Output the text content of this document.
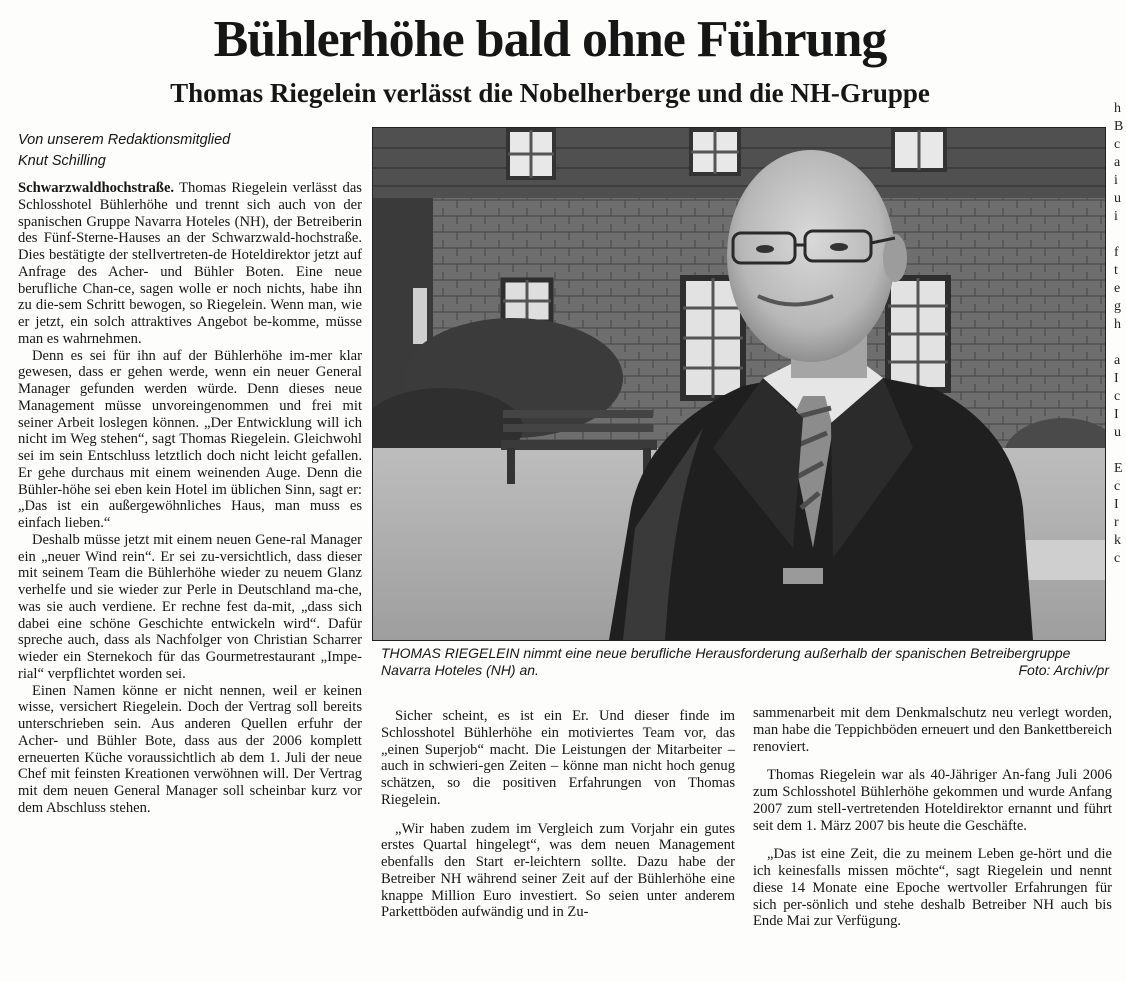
Bühlerhöhe bald ohne Führung
Thomas Riegelein verlässt die Nobelherberge und die NH-Gruppe
Von unserem Redaktionsmitglied
Knut Schilling

Schwarzwaldhochstraße. Thomas Riegelein verlässt das Schlosshotel Bühlerhöhe und trennt sich auch von der spanischen Gruppe Navarra Hoteles (NH), der Betreiberin des Fünf-Sterne-Hauses an der Schwarzwald-hochstraße. Dies bestätigte der stellvertreten-de Hoteldirektor jetzt auf Anfrage des Acher- und Bühler Boten. Eine neue berufliche Chan-ce, sagen wolle er noch nichts, habe ihn zu die-sem Schritt bewogen, so Riegelein. Wenn man, wie er jetzt, ein solch attraktives Angebot be-komme, müsse man es wahrnehmen.

Denn es sei für ihn auf der Bühlerhöhe im-mer klar gewesen, dass er gehen werde, wenn ein neuer General Manager gefunden werden würde. Denn dieses neue Management müsse unvoreingenommen und frei mit seiner Arbeit loslegen können. „Der Entwicklung will ich nicht im Weg stehen“, sagt Thomas Riegelein. Gleichwohl sei im sein Entschluss letztlich doch nicht leicht gefallen. Er gehe durchaus mit einem weinenden Auge. Denn die Bühler-höhe sei eben kein Hotel im üblichen Sinn, sagt er: „Das ist ein außergewöhnliches Haus, man muss es einfach lieben.“

Deshalb müsse jetzt mit einem neuen Gene-ral Manager ein „neuer Wind rein“. Er sei zu-versichtlich, dass dieser mit seinem Team die Bühlerhöhe wieder zu neuem Glanz verhelfe und sie wieder zur Perle in Deutschland ma-che, was sie auch verdiene. Er rechne fest da-mit, „dass sich dabei eine schöne Geschichte entwickeln wird“. Dafür spreche auch, dass als Nachfolger von Christian Scharrer wieder ein Sternekoch für das Gourmetrestaurant „Impe-rial“ verpflichtet worden sei.

Einen Namen könne er nicht nennen, weil er keinen wisse, versichert Riegelein. Doch der Vertrag soll bereits unterschrieben sein. Aus anderen Quellen erfuhr der Acher- und Bühler Bote, dass aus der 2006 komplett erneuerten Küche voraussichtlich ab dem 1. Juli der neue Chef mit feinsten Kreationen verwöhnen will. Der Vertrag mit dem neuen General Manager soll scheinbar kurz vor dem Abschluss stehen.

THOMAS RIEGELEIN nimmt eine neue berufliche Herausforderung außerhalb der spanischen Betreibergruppe Navarra Hoteles (NH) an.	Foto: Archiv/pr

Sicher scheint, es ist ein Er. Und dieser finde im Schlosshotel Bühlerhöhe ein motiviertes Team vor, das „einen Superjob“ macht. Die Leistungen der Mitarbeiter – auch in schwieri-gen Zeiten – könne man nicht hoch genug schätzen, so die positiven Erfahrungen von Thomas Riegelein.

„Wir haben zudem im Vergleich zum Vorjahr ein gutes erstes Quartal hingelegt“, was dem neuen Management ebenfalls den Start er-leichtern sollte. Dazu habe der Betreiber NH während seiner Zeit auf der Bühlerhöhe eine knappe Million Euro investiert. So seien unter anderem Parkettböden aufwändig und in Zu-

sammenarbeit mit dem Denkmalschutz neu verlegt worden, man habe die Teppichböden erneuert und den Bankettbereich renoviert.

Thomas Riegelein war als 40-Jähriger An-fang Juli 2006 zum Schlosshotel Bühlerhöhe gekommen und wurde Anfang 2007 zum stell-vertretenden Hoteldirektor ernannt und führt seit dem 1. März 2007 bis heute die Geschäfte.

„Das ist eine Zeit, die zu meinem Leben ge-hört und die ich keinesfalls missen möchte“, sagt Riegelein und nennt diese 14 Monate eine Epoche wertvoller Erfahrungen für sich per-sönlich und stehe deshalb Betreiber NH auch bis Ende Mai zur Verfügung.

h
B
c
a
i
u
i

f
t
e
g
h

a
I
c
I
u

E
c
I
r
k
c
